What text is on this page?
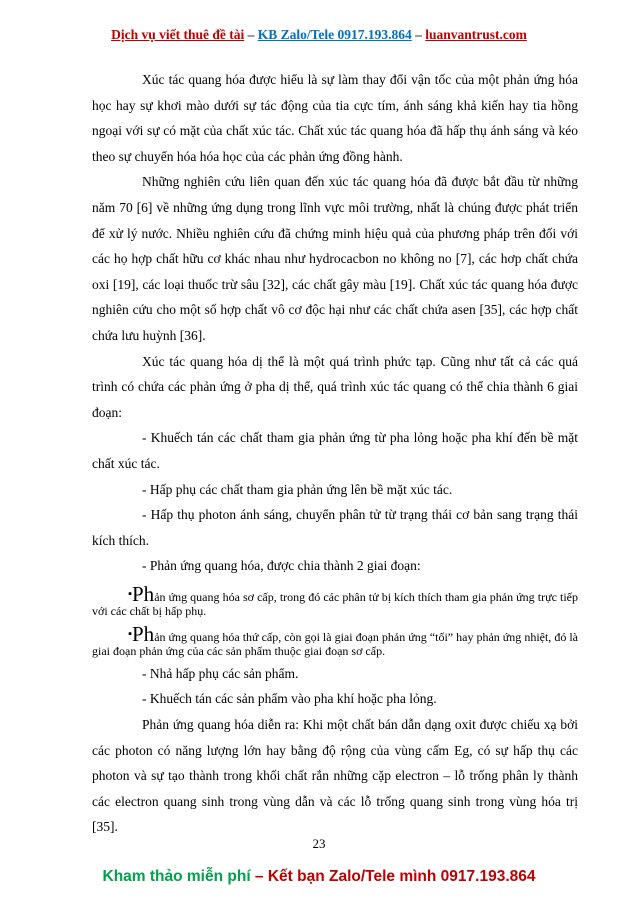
Dịch vụ viết thuê đề tài – KB Zalo/Tele 0917.193.864 – luanvantrust.com

Xúc tác quang hóa được hiểu là sự làm thay đổi vận tốc của một phản ứng hóa học hay sự khơi mào dưới sự tác động của tia cực tím, ánh sáng khả kiến hay tia hồng ngoại với sự có mặt của chất xúc tác. Chất xúc tác quang hóa đã hấp thụ ánh sáng và kéo theo sự chuyển hóa hóa học của các phản ứng đồng hành.

Những nghiên cứu liên quan đến xúc tác quang hóa đã được bắt đầu từ những năm 70 [6] về những ứng dụng trong lĩnh vực môi trường, nhất là chúng được phát triển để xử lý nước. Nhiều nghiên cứu đã chứng minh hiệu quả của phương pháp trên đối với các họ hợp chất hữu cơ khác nhau như hydrocacbon no không no [7], các hơp chất chứa oxi [19], các loại thuốc trừ sâu [32], các chất gây màu [19]. Chất xúc tác quang hóa được nghiên cứu cho một số hợp chất vô cơ độc hại như các chất chứa asen [35], các hợp chất chứa lưu huỳnh [36].

Xúc tác quang hóa dị thể là một quá trình phức tạp. Cũng như tất cả các quá trình có chứa các phản ứng ở pha dị thể, quá trình xúc tác quang có thể chia thành 6 giai đoạn:

- Khuếch tán các chất tham gia phản ứng từ pha lỏng hoặc pha khí đến bề mặt chất xúc tác.

- Hấp phụ các chất tham gia phản ứng lên bề mặt xúc tác.

- Hấp thụ photon ánh sáng, chuyển phân tử từ trạng thái cơ bản sang trạng thái kích thích.

- Phản ứng quang hóa, được chia thành 2 giai đoạn:

▪Phản ứng quang hóa sơ cấp, trong đó các phân tử bị kích thích tham gia phản ứng trực tiếp với các chất bị hấp phụ.

▪Phản ứng quang hóa thứ cấp, còn gọi là giai đoạn phản ứng “tối” hay phản ứng nhiệt, đó là giai đoạn phản ứng của các sản phẩm thuộc giai đoạn sơ cấp.

- Nhả hấp phụ các sản phẩm.

- Khuếch tán các sản phẩm vào pha khí hoặc pha lỏng.

Phản ứng quang hóa diễn ra: Khi một chất bán dẫn dạng oxit được chiếu xạ bởi các photon có năng lượng lớn hay bằng độ rộng của vùng cấm Eg, có sự hấp thụ các photon và sự tạo thành trong khối chất rắn những cặp electron – lỗ trống phân ly thành các electron quang sinh trong vùng dẫn và các lỗ trống quang sinh trong vùng hóa trị [35].

23
Kham thảo miễn phí – Kết bạn Zalo/Tele mình 0917.193.864
